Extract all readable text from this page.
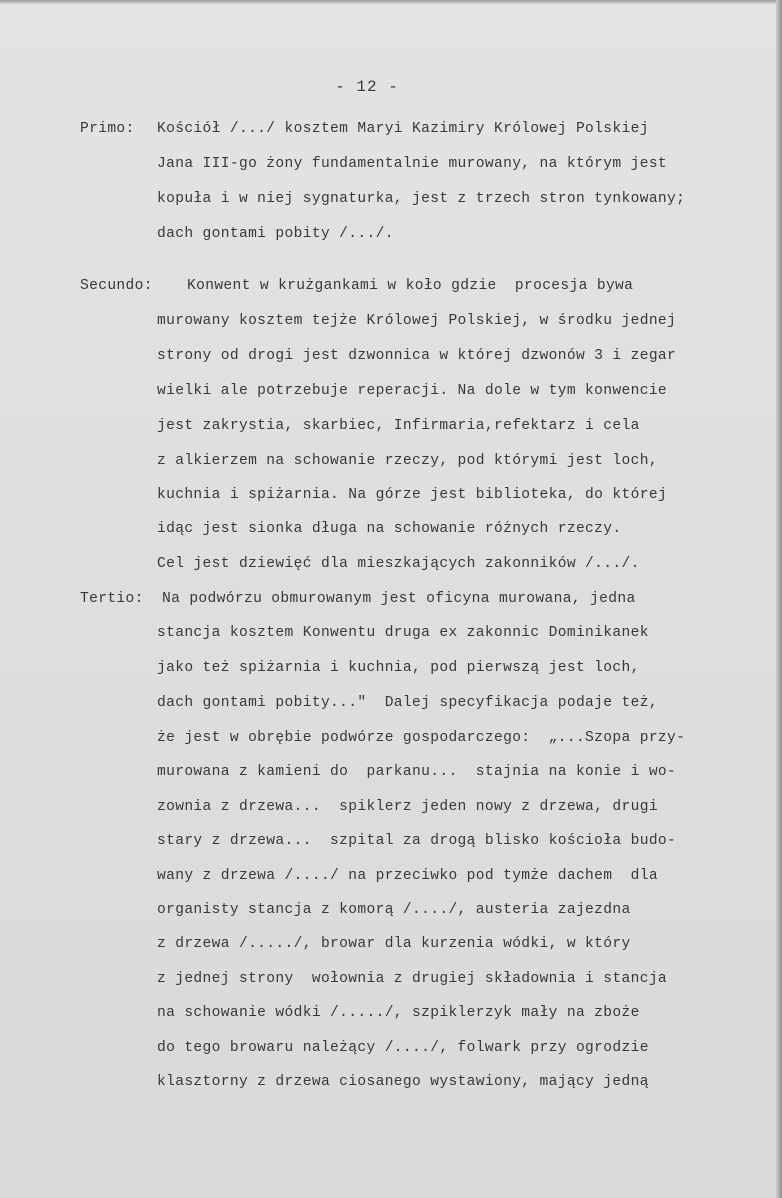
- 12 -
Primo: Kościół /.../ kosztem Maryi Kazimiry Królowej Polskiej
Jana III-go żony fundamentalnie murowany, na którym jest
kopuła i w niej sygnaturka, jest z trzech stron tynkowany;
dach gontami pobity /.../.
Secundo: Konwent w krużgankami w koło gdzie  procesja bywa
murowany kosztem tejże Królowej Polskiej, w środku jednej
strony od drogi jest dzwonnica w której dzwonów 3 i zegar
wielki ale potrzebuje reperacji. Na dole w tym konwencie
jest zakrystia, skarbiec, Infirmaria,refektarz i cela
z alkierzem na schowanie rzeczy, pod którymi jest loch,
kuchnia i spiżarnia. Na górze jest biblioteka, do której
idąc jest sionka długa na schowanie różnych rzeczy.
Cel jest dziewięć dla mieszkających zakonników /.../.
Tertio: Na podwórzu obmurowanym jest oficyna murowana, jedna
stancja kosztem Konwentu druga ex zakonnic Dominikanek
jako też spiżarnia i kuchnia, pod pierwszą jest loch,
dach gontami pobity..."  Dalej specyfikacja podaje też,
że jest w obrębie podwórze gospodarczego:  „...Szopa przy-
murowana z kamieni do  parkanu...  stajnia na konie i wo-
zownia z drzewa...  spiklerz jeden nowy z drzewa, drugi
stary z drzewa...  szpital za drogą blisko kościoła budo-
wany z drzewa /..../ na przeciwko pod tymże dachem  dla
organisty stancja z komorą /..../, austeria zajezdna
z drzewa /...../, browar dla kurzenia wódki, w który
z jednej strony  wołownia z drugiej składownia i stancja
na schowanie wódki /...../, szpiklerzyk mały na zboże
do tego browaru należący /..../, folwark przy ogrodzie
klasztorny z drzewa ciosanego wystawiony, mający jedną
